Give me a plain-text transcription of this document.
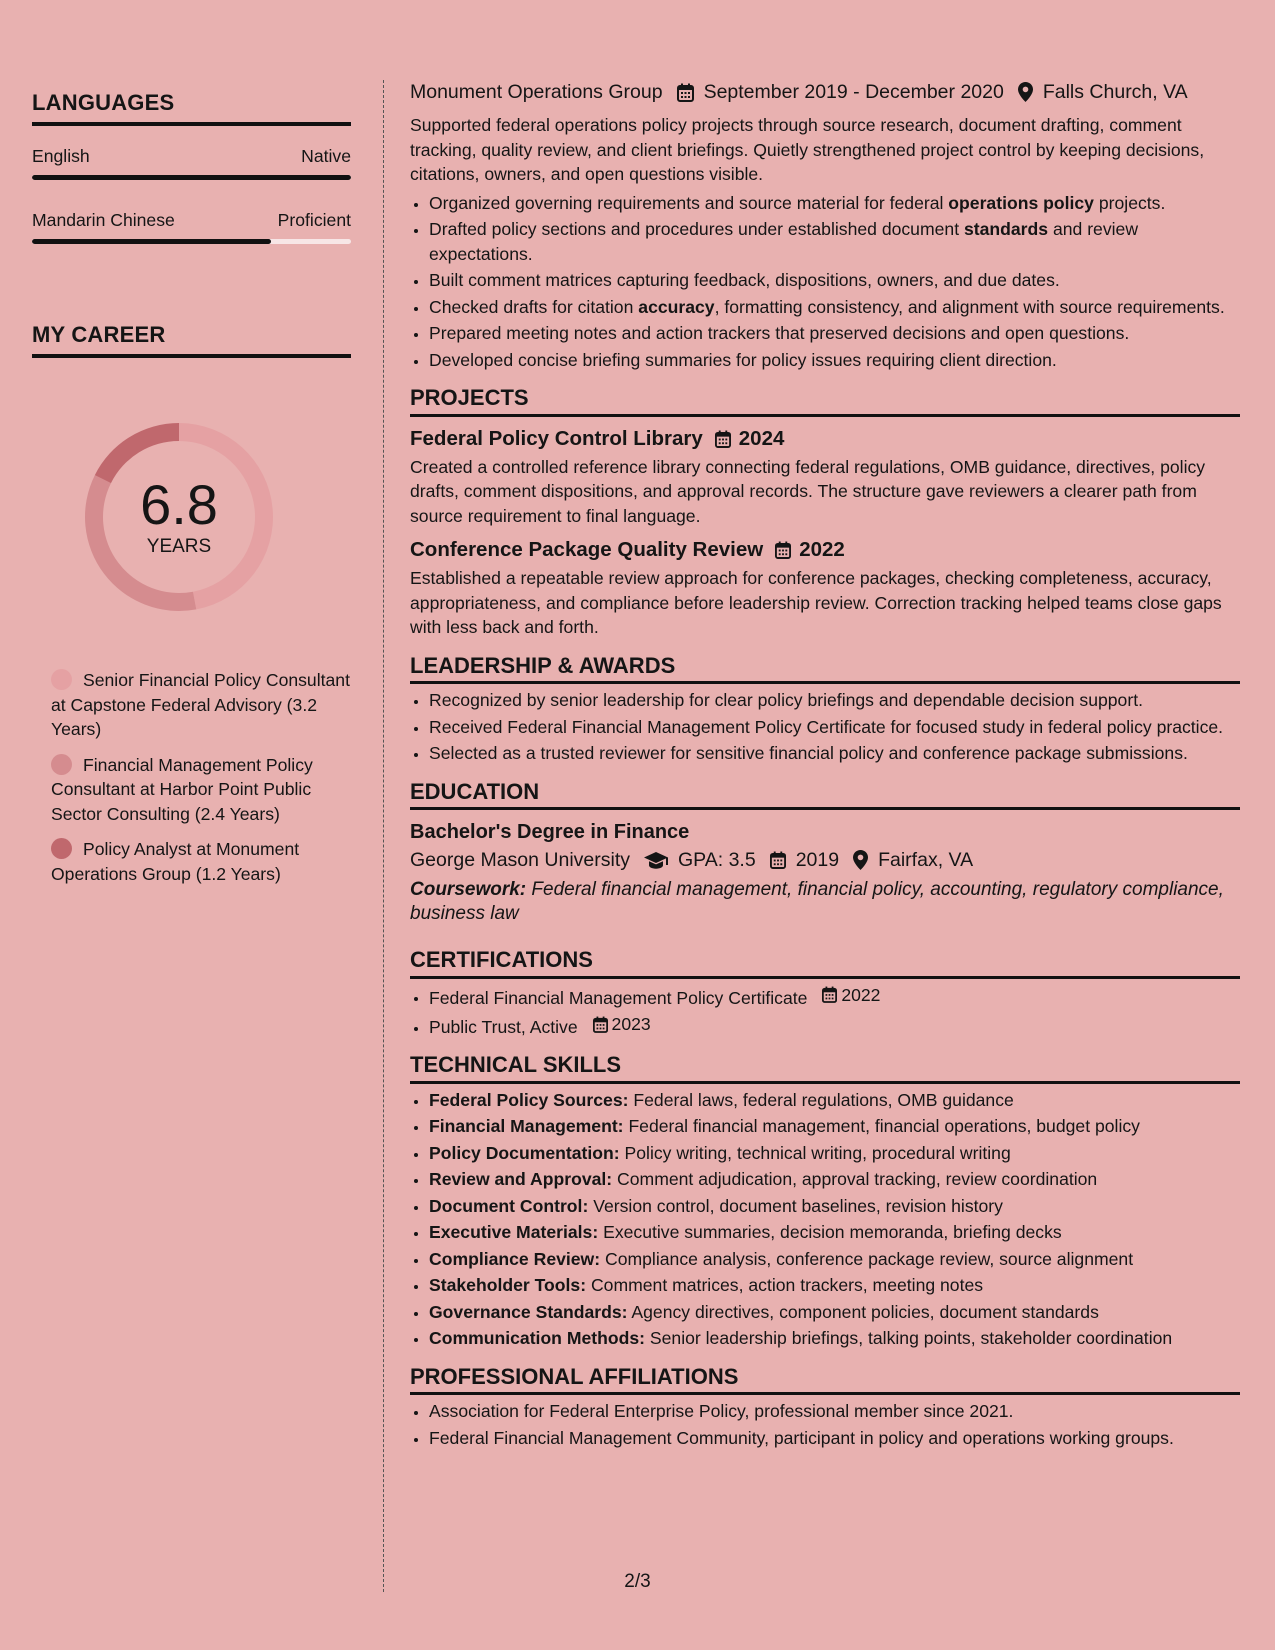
LANGUAGES
English	Native
Mandarin Chinese	Proficient
MY CAREER
6.8
YEARS
Senior Financial Policy Consultant at Capstone Federal Advisory (3.2 Years)
Financial Management Policy Consultant at Harbor Point Public Sector Consulting (2.4 Years)
Policy Analyst at Monument Operations Group (1.2 Years)
Monument Operations Group September 2019 - December 2020 Falls Church, VA
Supported federal operations policy projects through source research, document drafting, comment tracking, quality review, and client briefings. Quietly strengthened project control by keeping decisions, citations, owners, and open questions visible.
• Organized governing requirements and source material for federal operations policy projects.
• Drafted policy sections and procedures under established document standards and review expectations.
• Built comment matrices capturing feedback, dispositions, owners, and due dates.
• Checked drafts for citation accuracy, formatting consistency, and alignment with source requirements.
• Prepared meeting notes and action trackers that preserved decisions and open questions.
• Developed concise briefing summaries for policy issues requiring client direction.
PROJECTS
Federal Policy Control Library 2024
Created a controlled reference library connecting federal regulations, OMB guidance, directives, policy drafts, comment dispositions, and approval records. The structure gave reviewers a clearer path from source requirement to final language.
Conference Package Quality Review 2022
Established a repeatable review approach for conference packages, checking completeness, accuracy, appropriateness, and compliance before leadership review. Correction tracking helped teams close gaps with less back and forth.
LEADERSHIP & AWARDS
• Recognized by senior leadership for clear policy briefings and dependable decision support.
• Received Federal Financial Management Policy Certificate for focused study in federal policy practice.
• Selected as a trusted reviewer for sensitive financial policy and conference package submissions.
EDUCATION
Bachelor's Degree in Finance
George Mason University GPA: 3.5 2019 Fairfax, VA
Coursework: Federal financial management, financial policy, accounting, regulatory compliance, business law
CERTIFICATIONS
• Federal Financial Management Policy Certificate 2022
• Public Trust, Active 2023
TECHNICAL SKILLS
• Federal Policy Sources: Federal laws, federal regulations, OMB guidance
• Financial Management: Federal financial management, financial operations, budget policy
• Policy Documentation: Policy writing, technical writing, procedural writing
• Review and Approval: Comment adjudication, approval tracking, review coordination
• Document Control: Version control, document baselines, revision history
• Executive Materials: Executive summaries, decision memoranda, briefing decks
• Compliance Review: Compliance analysis, conference package review, source alignment
• Stakeholder Tools: Comment matrices, action trackers, meeting notes
• Governance Standards: Agency directives, component policies, document standards
• Communication Methods: Senior leadership briefings, talking points, stakeholder coordination
PROFESSIONAL AFFILIATIONS
• Association for Federal Enterprise Policy, professional member since 2021.
• Federal Financial Management Community, participant in policy and operations working groups.
2/3
